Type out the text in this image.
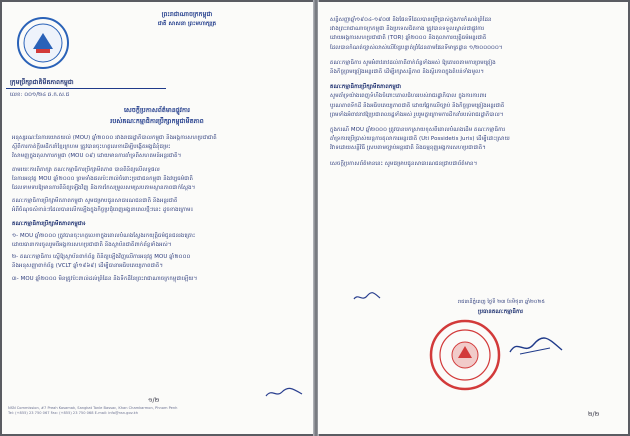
ព្រះរាជាណាចក្រកម្ពុជា
ជាតិ សាសនា ព្រះមហាក្សត្រ
ក្រុមប្រឹក្សាជាតិមីតភាពកម្ពុជា
លេខ: ០០១/២៤ ឆ.ក.ស.ជ
សេចក្តីប្រកាសព័ត៌មានផ្លូវការ
របស់គណៈកម្មាធិការប្រឹក្សាកម្ពុជាមីតភាព
អនុស្សរណៈនៃការយោគយល់ (MOU) ឆ្នាំ២០០០ រវាងរាជរដ្ឋាភិបាលកម្ពុជា និងអង្គការសហប្រជាជាតិ
ស្តីពីការកាត់ក្តីមេដឹកនាំខ្មែរក្រហម ត្រូវបានចុះហត្ថលេខាដើម្បីបង្កើតអង្គជំនុំជម្រះ
វិសាមញ្ញក្នុងតុលាការកម្ពុជា (MOU ០៩) ដោយមានការគាំទ្រពីសហគមន៍អន្តរជាតិ។
តាមរយៈការពិភាក្សា គណៈកម្មាធិការប្រឹក្សាមីតភាព បានពិនិត្យលើលទ្ធផល
នៃការអនុវត្ត MOU ឆ្នាំ២០០០ ព្រមទាំងផលប៉ះពាល់ចំពោះប្រជាជនកម្ពុជា និងវប្បធម៌ជាតិ
ដែលទាមទារឱ្យមានការពិនិត្យឡើងវិញ និងការកែសម្រួលសមស្របតាមស្ថានភាពជាក់ស្តែង។
គណៈកម្មាធិការប្រឹក្សាមីតភាពកម្ពុជា សូមជម្រាបជូនសាធារណជនជាតិ និងអន្តរជាតិ
អំពីចំណុចសំខាន់ៗដែលបានលើកឡើងក្នុងកិច្ចប្រជុំពេញអង្គនាពេលថ្មីៗនេះ ដូចខាងក្រោម៖
គណៈកម្មាធិការប្រឹក្សាមីតភាពកម្ពុជា៖
១- MOU ឆ្នាំ២០០០ ត្រូវបានចុះហត្ថលេខាក្នុងគោលបំណងស្វែងរកយុត្តិធម៌ជូនជនរងគ្រោះ
ដោយធានាការចូលរួមពីអង្គការសហប្រជាជាតិ និងស្ថាប័នជាតិពាក់ព័ន្ធទាំងអស់។
២- គណៈកម្មាធិការ ស្នើឱ្យស្ថាប័នពាក់ព័ន្ធ ពិនិត្យឡើងវិញលើការអនុវត្ត MOU ឆ្នាំ២០០០
និងអនុសញ្ញាពាក់ព័ន្ធ (VCLT ឆ្នាំ១៩៦៩) ដើម្បីធានាអធិបតេយ្យភាពជាតិ។
៣- MOU ឆ្នាំ២០០០ មិនត្រូវប៉ះពាល់ដល់ព្រំដែន និងទឹកដីនៃព្រះរាជាណាចក្រកម្ពុជាឡើយ។
១/២
NSN Commission, #7 Preah Kosamak, Sangkat Tonle Bassac, Khan Chamkarmon, Phnom Penh
Tel: (+855) 23 750 067 Fax: (+855) 23 750 068 E-mail: info@nsn.gov.kh
សន្ធិសញ្ញាឆ្នាំ១៩០៤-១៩០៧ និងផែនទីដែលបានប្រើប្រាស់ក្នុងការកំណត់ព្រំដែន
រវាងព្រះរាជាណាចក្រកម្ពុជា និងប្រទេសជិតខាង ត្រូវបានទទួលស្គាល់ជាផ្លូវការ
ដោយអង្គការសហប្រជាជាតិ (TOR) ឆ្នាំ២០០០ និងតុលាការយុត្តិធម៌អន្តរជាតិ
ដែលបានកំណត់ច្បាស់លាស់លើខ្សែបន្ទាត់ព្រំដែនតាមផែនទីមាត្រដ្ឋាន ១/២០០០០០។
គណៈកម្មាធិការ សូមអំពាវនាវដល់ភាគីពាក់ព័ន្ធទាំងអស់ ឱ្យគោរពតាមការព្រមព្រៀង
និងកិច្ចព្រមព្រៀងអន្តរជាតិ ដើម្បីរក្សាសន្តិភាព និងស្ថិរភាពក្នុងតំបន់ទាំងមូល។
គណៈកម្មាធិការប្រឹក្សាមីតភាពកម្ពុជា
សូមគាំទ្រយ៉ាងពេញទំហឹងចំពោះគោលជំហររបស់រាជរដ្ឋាភិបាល ក្នុងការការពារ
បូរណភាពទឹកដី និងអធិបតេយ្យភាពជាតិ ដោយផ្អែកលើច្បាប់ និងកិច្ចព្រមព្រៀងអន្តរជាតិ
ព្រមទាំងអំពាវនាវឱ្យប្រជាពលរដ្ឋទាំងអស់ រួបរួមគ្នាក្រោមការដឹកនាំរបស់រាជរដ្ឋាភិបាល។
ក្នុងករណី MOU ឆ្នាំ២០០០ ត្រូវបានបកស្រាយខុសពីគោលបំណងដើម គណៈកម្មាធិការ
គាំទ្រការប្រើប្រាស់យន្តការតុលាការអន្តរជាតិ (Uti Possidetis Juris) ដើម្បីដោះស្រាយ
វិវាទដោយសន្តិវិធី ស្របតាមច្បាប់អន្តរជាតិ និងធម្មនុញ្ញអង្គការសហប្រជាជាតិ។
សេចក្តីប្រកាសព័ត៌មាននេះ សូមជម្រាបជូនសាធារណជនជ្រាបជាព័ត៌មាន។
រាជធានីភ្នំពេញ ថ្ងៃទី ២៣ ខែមិថុនា ឆ្នាំ២០២៥
ប្រធានគណៈកម្មាធិការ
២/២
